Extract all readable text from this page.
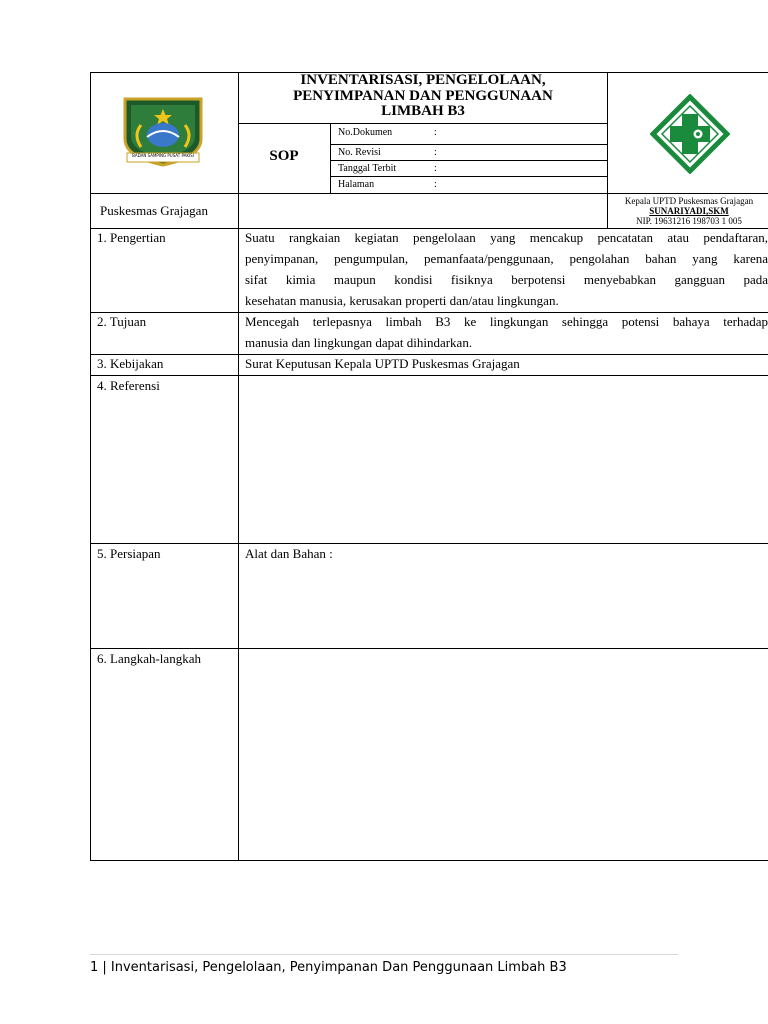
BADAN SAMPING PUSAT PAKISI
INVENTARISASI, PENGELOLAAN,
PENYIMPANAN DAN PENGGUNAAN
LIMBAH B3
SOP
No.Dokumen	:
No. Revisi	:
Tanggal Terbit	:
Halaman	:
Puskesmas Grajagan
Kepala UPTD Puskesmas Grajagan
SUNARIYADI,SKM
NIP. 19631216 198703 1 005
1. Pengertian	Suatu rangkaian kegiatan pengelolaan yang mencakup pencatatan atau pendaftaran,
penyimpanan, pengumpulan, pemanfaata/penggunaan, pengolahan bahan yang karena
sifat kimia maupun kondisi fisiknya berpotensi menyebabkan gangguan pada
kesehatan manusia, kerusakan properti dan/atau lingkungan.
2. Tujuan	Mencegah terlepasnya limbah B3 ke lingkungan sehingga potensi bahaya terhadap
manusia dan lingkungan dapat dihindarkan.
3. Kebijakan	Surat Keputusan Kepala UPTD Puskesmas Grajagan
4. Referensi
5. Persiapan	Alat dan Bahan :
6. Langkah-langkah
1 | Inventarisasi, Pengelolaan, Penyimpanan Dan Penggunaan Limbah B3
